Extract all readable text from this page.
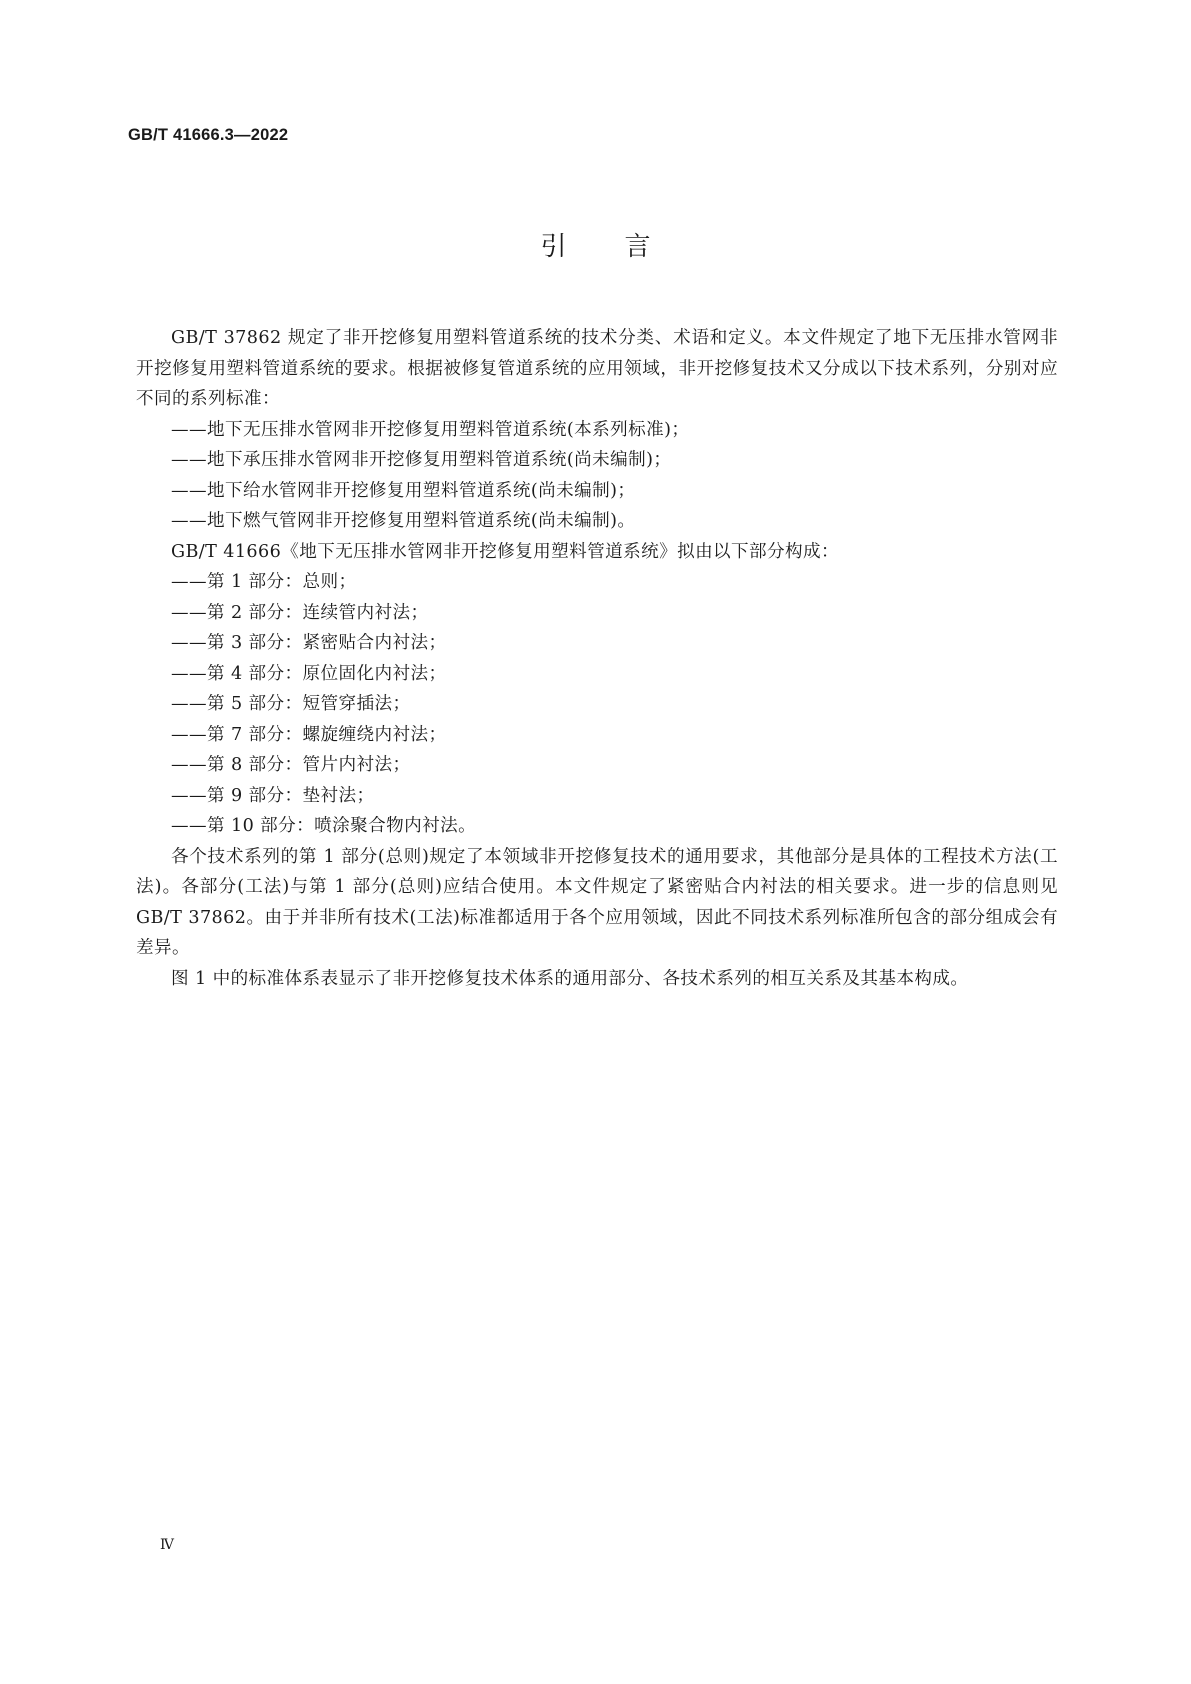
GB/T 41666.3—2022
引言

GB/T 37862 规定了非开挖修复用塑料管道系统的技术分类、术语和定义。本文件规定了地下无压排水管网非开挖修复用塑料管道系统的要求。根据被修复管道系统的应用领域，非开挖修复技术又分成以下技术系列，分别对应不同的系列标准：

——地下无压排水管网非开挖修复用塑料管道系统(本系列标准)；
——地下承压排水管网非开挖修复用塑料管道系统(尚未编制)；
——地下给水管网非开挖修复用塑料管道系统(尚未编制)；
——地下燃气管网非开挖修复用塑料管道系统(尚未编制)。

GB/T 41666《地下无压排水管网非开挖修复用塑料管道系统》拟由以下部分构成：

——第 1 部分：总则；
——第 2 部分：连续管内衬法；
——第 3 部分：紧密贴合内衬法；
——第 4 部分：原位固化内衬法；
——第 5 部分：短管穿插法；
——第 7 部分：螺旋缠绕内衬法；
——第 8 部分：管片内衬法；
——第 9 部分：垫衬法；
——第 10 部分：喷涂聚合物内衬法。

各个技术系列的第 1 部分(总则)规定了本领域非开挖修复技术的通用要求，其他部分是具体的工程技术方法(工法)。各部分(工法)与第 1 部分(总则)应结合使用。本文件规定了紧密贴合内衬法的相关要求。进一步的信息则见 GB/T 37862。由于并非所有技术(工法)标准都适用于各个应用领域，因此不同技术系列标准所包含的部分组成会有差异。

图 1 中的标准体系表显示了非开挖修复技术体系的通用部分、各技术系列的相互关系及其基本构成。

Ⅳ
